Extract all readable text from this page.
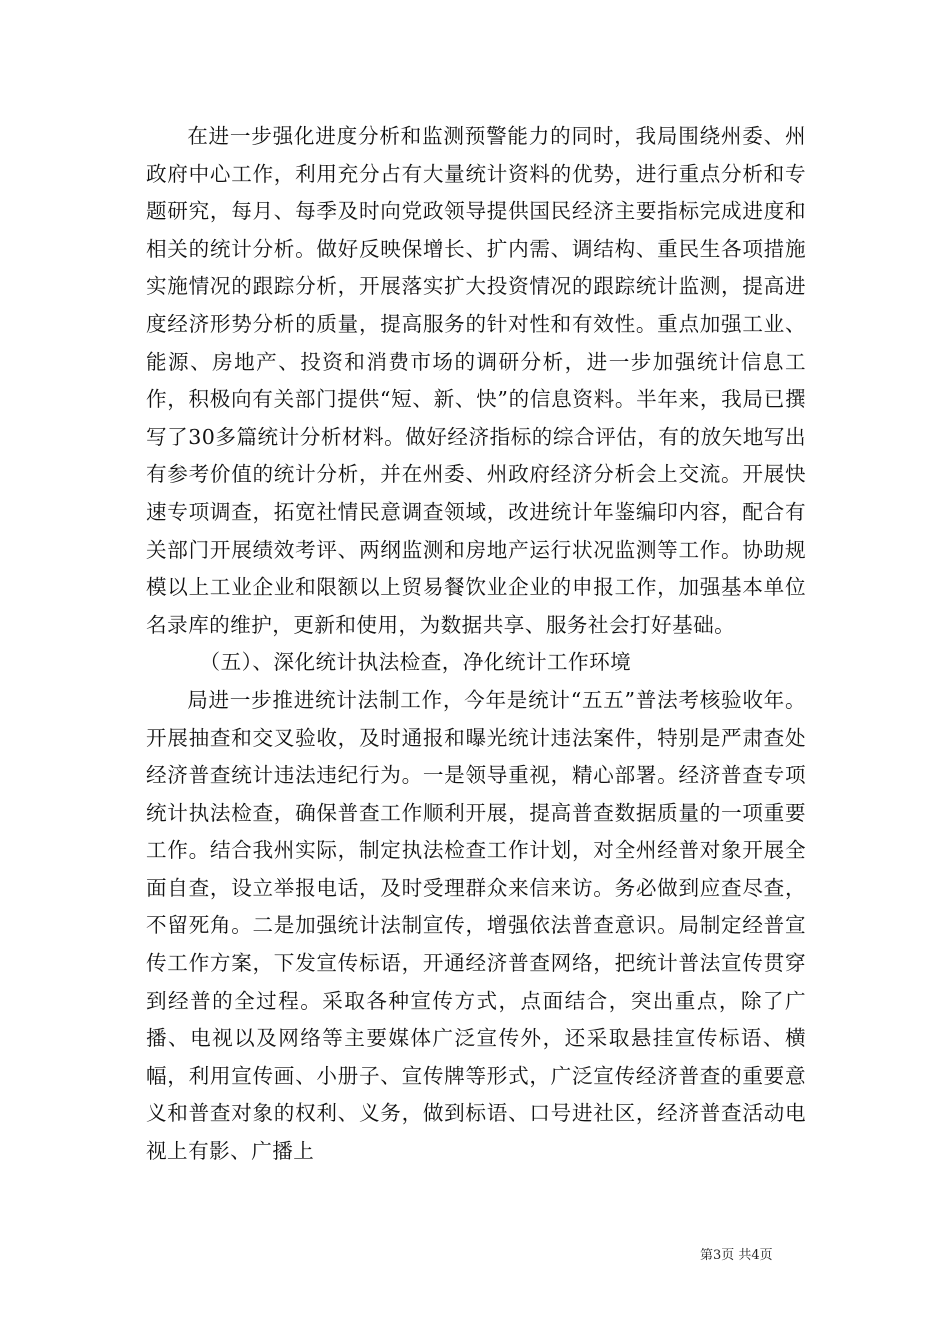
在进一步强化进度分析和监测预警能力的同时，我局围绕州委、州政府中心工作，利用充分占有大量统计资料的优势，进行重点分析和专题研究，每月、每季及时向党政领导提供国民经济主要指标完成进度和相关的统计分析。做好反映保增长、扩内需、调结构、重民生各项措施实施情况的跟踪分析，开展落实扩大投资情况的跟踪统计监测，提高进度经济形势分析的质量，提高服务的针对性和有效性。重点加强工业、能源、房地产、投资和消费市场的调研分析，进一步加强统计信息工作，积极向有关部门提供“短、新、快”的信息资料。半年来，我局已撰写了30多篇统计分析材料。做好经济指标的综合评估，有的放矢地写出有参考价值的统计分析，并在州委、州政府经济分析会上交流。开展快速专项调查，拓宽社情民意调查领域，改进统计年鉴编印内容，配合有关部门开展绩效考评、两纲监测和房地产运行状况监测等工作。协助规模以上工业企业和限额以上贸易餐饮业企业的申报工作，加强基本单位名录库的维护，更新和使用，为数据共享、服务社会打好基础。

（五）、深化统计执法检查，净化统计工作环境

局进一步推进统计法制工作，今年是统计“五五”普法考核验收年。开展抽查和交叉验收，及时通报和曝光统计违法案件，特别是严肃查处经济普查统计违法违纪行为。一是领导重视，精心部署。经济普查专项统计执法检查，确保普查工作顺利开展，提高普查数据质量的一项重要工作。结合我州实际，制定执法检查工作计划，对全州经普对象开展全面自查，设立举报电话，及时受理群众来信来访。务必做到应查尽查，不留死角。二是加强统计法制宣传，增强依法普查意识。局制定经普宣传工作方案，下发宣传标语，开通经济普查网络，把统计普法宣传贯穿到经普的全过程。采取各种宣传方式，点面结合，突出重点，除了广播、电视以及网络等主要媒体广泛宣传外，还采取悬挂宣传标语、横幅，利用宣传画、小册子、宣传牌等形式，广泛宣传经济普查的重要意义和普查对象的权利、义务，做到标语、口号进社区，经济普查活动电视上有影、广播上

第3页 共4页
